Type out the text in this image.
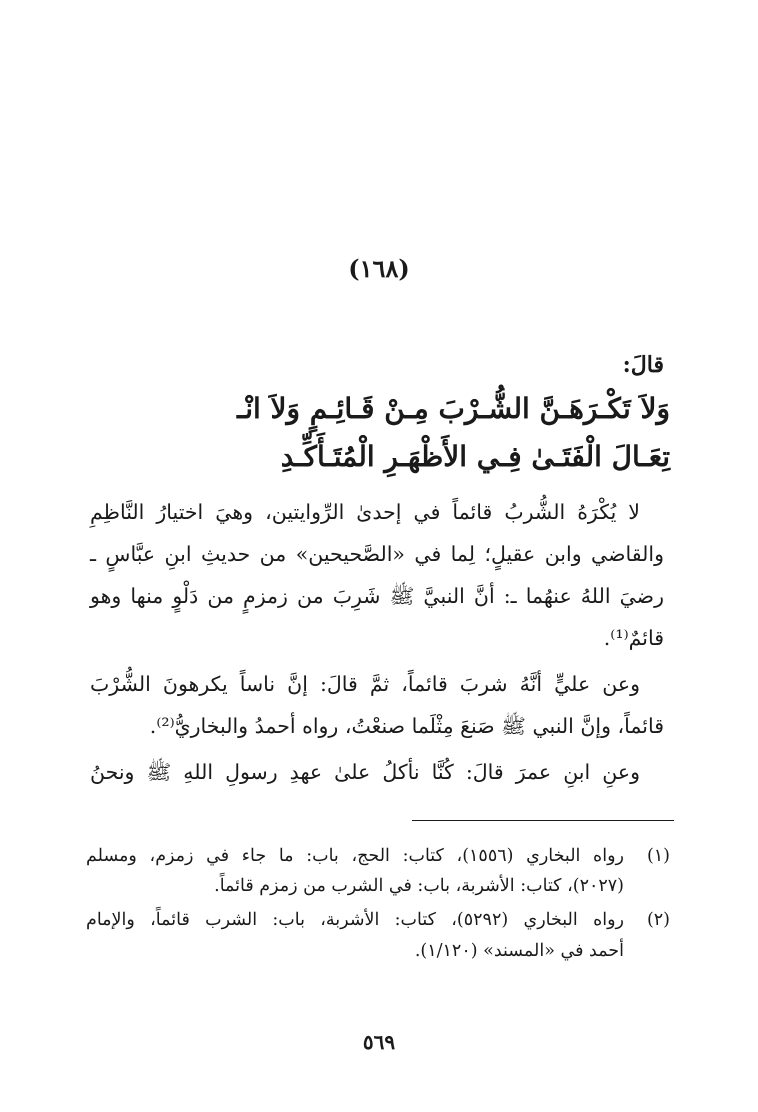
(١٦٨)
قالَ:
وَلاَ تَكْـرَهَـنَّ الشُّـرْبَ مِـنْ قَـائِـمٍ وَلاَ انْـ
تِعَـالَ الْفَتَـىٰ فِـي الأَظْهَـرِ الْمُتَـأَكِّـدِ
لا يُكْرَهُ الشُّربُ قائماً في إحدىٰ الرِّوايتين، وهيَ اختيارُ النَّاظِمِ
والقاضي وابن عقيلٍ؛ لِما في «الصَّحيحين» من حديثِ ابنِ عبَّاسٍ ـ
رضيَ اللهُ عنهُما ـ: أنَّ النبيَّ ﷺ شَرِبَ من زمزمٍ من دَلْوٍ منها وهو
قائمٌ⁽¹⁾.
وعن عليٍّ أنَّهُ شربَ قائماً، ثمَّ قالَ: إنَّ ناساً يكرهونَ الشُّرْبَ
قائماً، وإنَّ النبي ﷺ صَنعَ مِثْلَما صنعْتُ، رواه أحمدُ والبخاريُّ⁽²⁾.
وعنِ ابنِ عمرَ قالَ: كُنَّا نأكلُ علىٰ عهدِ رسولِ اللهِ ﷺ ونحنُ
(١)
رواه البخاري (١٥٥٦)، كتاب: الحج، باب: ما جاء في زمزم، ومسلم
(٢٠٢٧)، كتاب: الأشربة، باب: في الشرب من زمزم قائماً.
(٢)
رواه البخاري (٥٢٩٢)، كتاب: الأشربة، باب: الشرب قائماً، والإمام
أحمد في «المسند» (١/١٢٠).
٥٦٩
